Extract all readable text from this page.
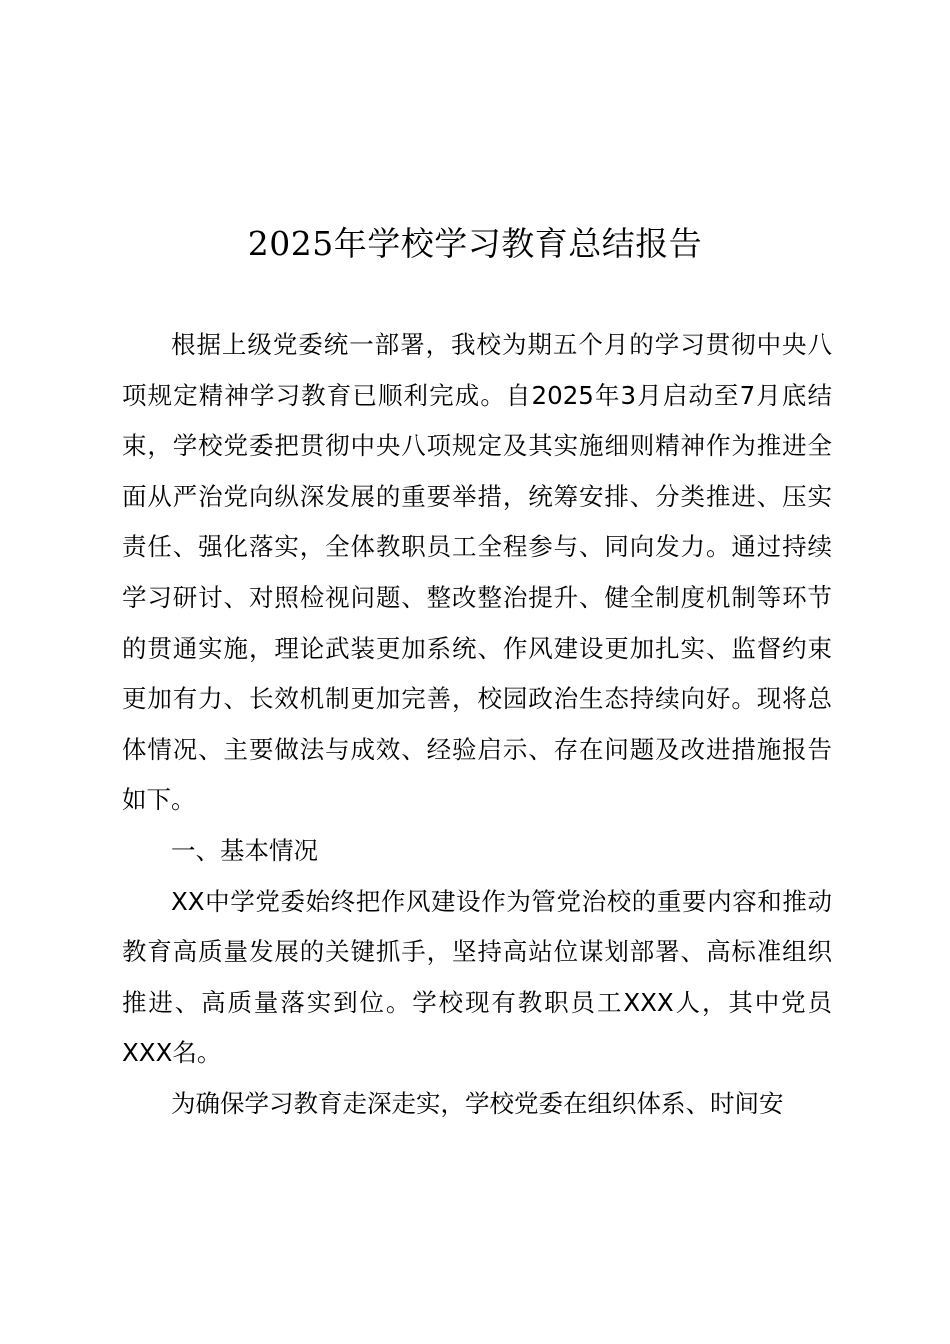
2025年学校学习教育总结报告

根据上级党委统一部署，我校为期五个月的学习贯彻中央八项规定精神学习教育已顺利完成。自2025年3月启动至7月底结束，学校党委把贯彻中央八项规定及其实施细则精神作为推进全面从严治党向纵深发展的重要举措，统筹安排、分类推进、压实责任、强化落实，全体教职员工全程参与、同向发力。通过持续学习研讨、对照检视问题、整改整治提升、健全制度机制等环节的贯通实施，理论武装更加系统、作风建设更加扎实、监督约束更加有力、长效机制更加完善，校园政治生态持续向好。现将总体情况、主要做法与成效、经验启示、存在问题及改进措施报告如下。

一、基本情况

XX中学党委始终把作风建设作为管党治校的重要内容和推动教育高质量发展的关键抓手，坚持高站位谋划部署、高标准组织推进、高质量落实到位。学校现有教职员工XXX人，其中党员XXX名。

为确保学习教育走深走实，学校党委在组织体系、时间安
